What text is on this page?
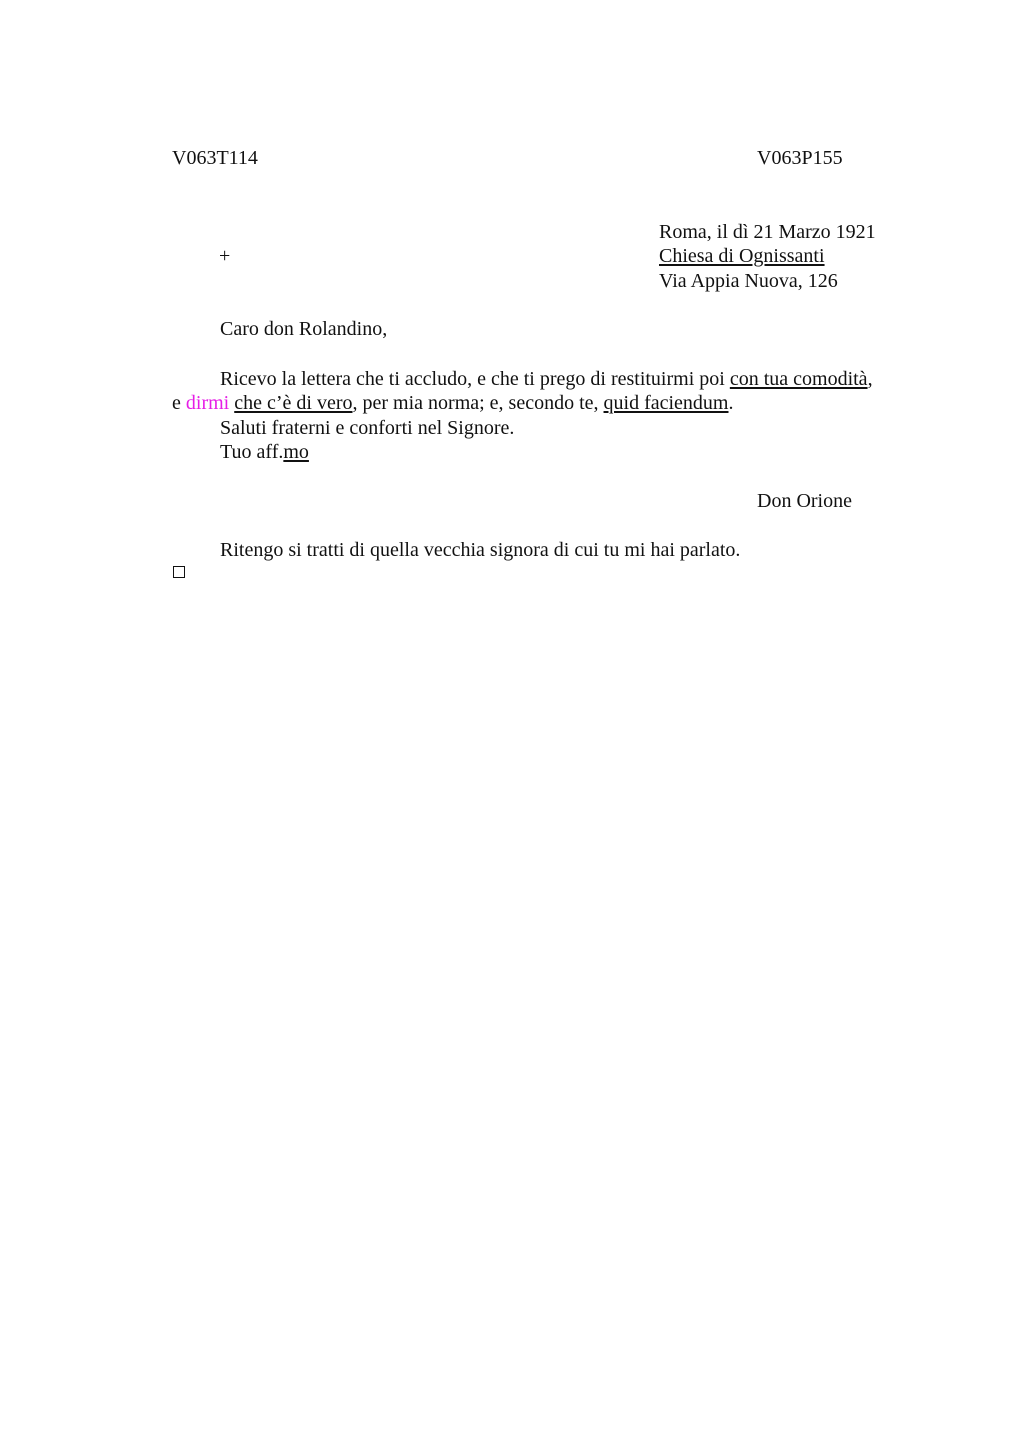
V063T114	V063P155
Roma, il dì 21 Marzo 1921
Chiesa di Ognissanti
Via Appia Nuova, 126
+
Caro don Rolandino,
Ricevo la lettera che ti accludo, e che ti prego di restituirmi poi con tua comodità,
e dirmi che c’è di vero, per mia norma; e, secondo te, quid faciendum.
Saluti fraterni e conforti nel Signore.
Tuo aff.mo
Don Orione
Ritengo si tratti di quella vecchia signora di cui tu mi hai parlato.
